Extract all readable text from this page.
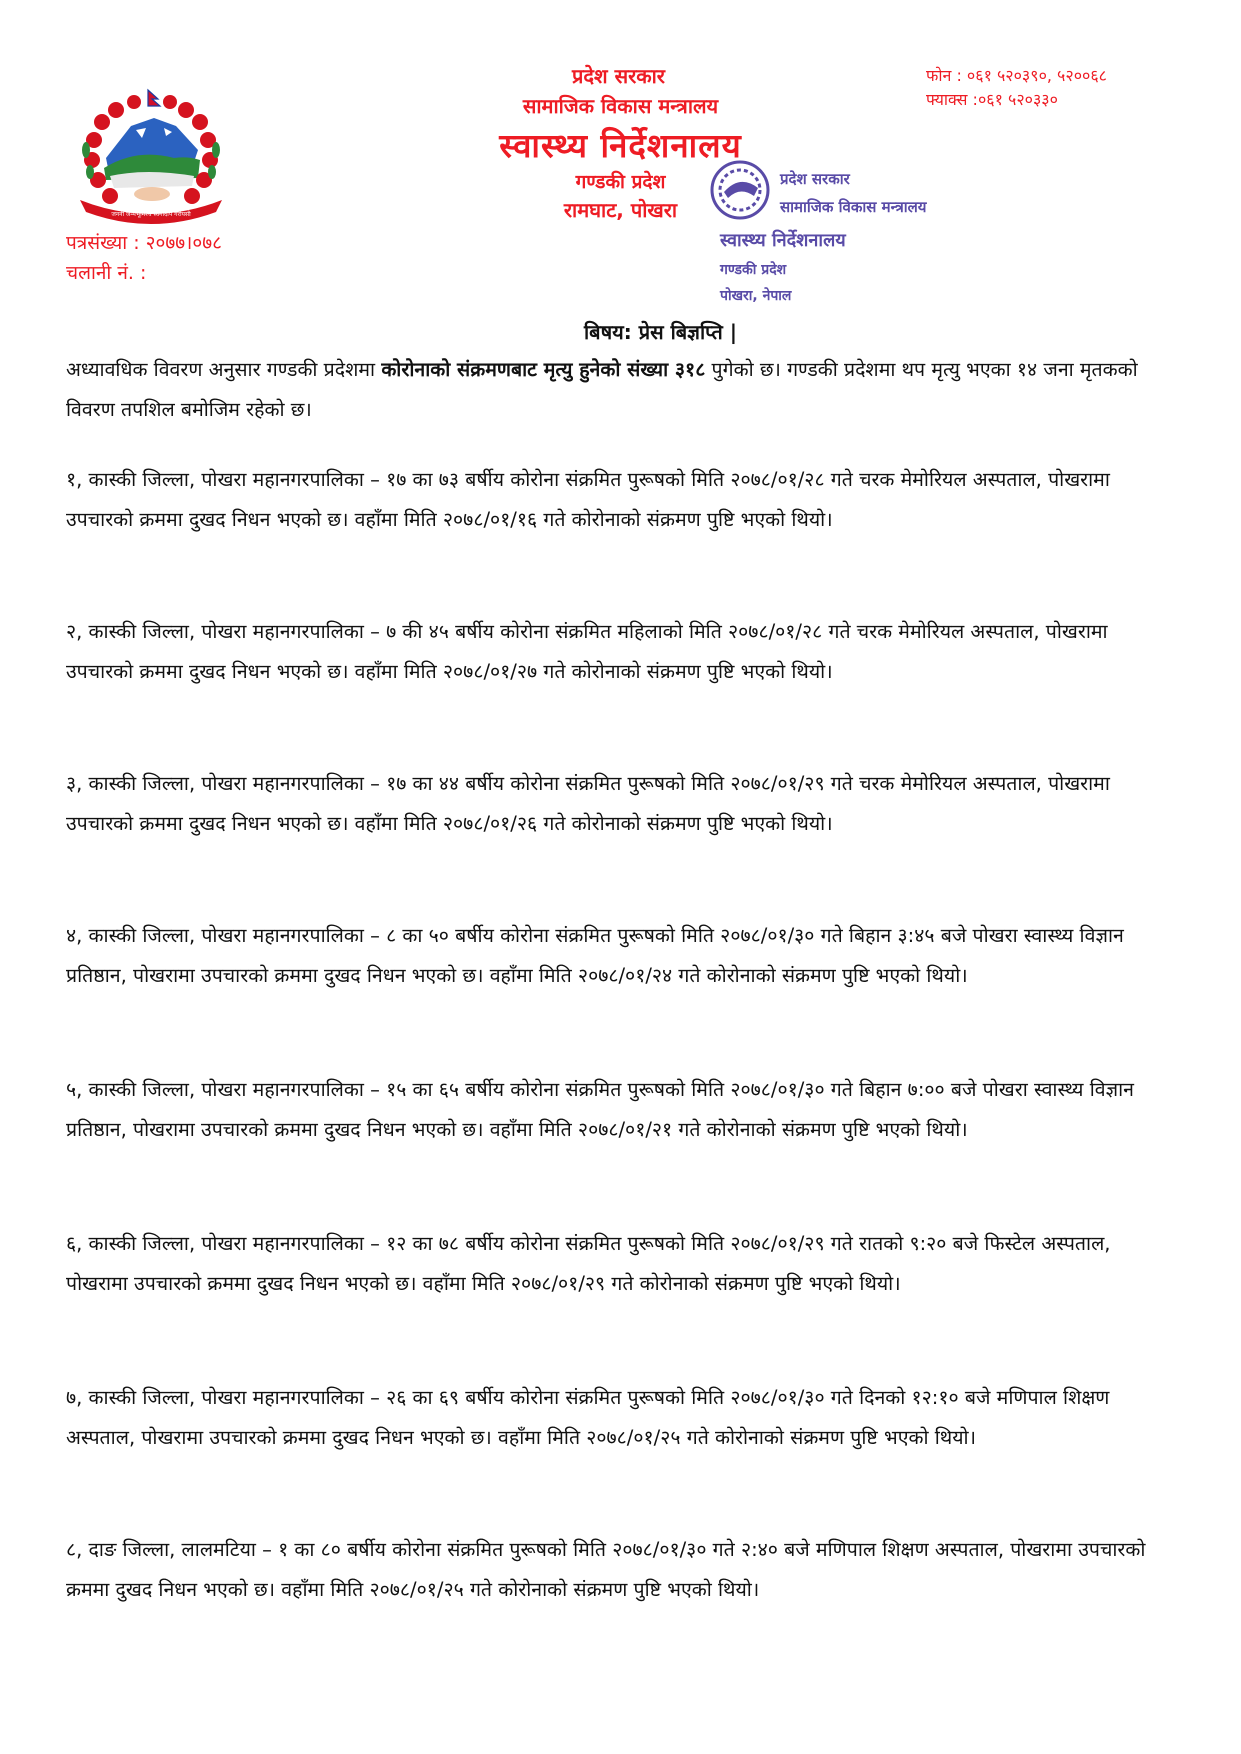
जननी जन्मभूमिश्च स्वर्गादपि गरीयसी
पत्रसंख्या : २०७७।०७८
चलानी नं. :
फोन : ०६१ ५२०३९०, ५२००६८
फ्याक्स :०६१ ५२०३३०
प्रदेश सरकार
सामाजिक विकास मन्त्रालय
स्वास्थ्य निर्देशनालय
गण्डकी प्रदेश
रामघाट, पोखरा
प्रदेश सरकार
सामाजिक विकास मन्त्रालय
स्वास्थ्य निर्देशनालय
गण्डकी प्रदेश
पोखरा, नेपाल
बिषय: प्रेस बिज्ञप्ति |
अध्यावधिक विवरण अनुसार गण्डकी प्रदेशमा कोरोनाको संक्रमणबाट मृत्यु हुनेको संख्या ३१८ पुगेको छ। गण्डकी प्रदेशमा थप मृत्यु भएका १४ जना मृतकको विवरण तपशिल बमोजिम रहेको छ।
१, कास्की जिल्ला, पोखरा महानगरपालिका – १७ का ७३ बर्षीय कोरोना संक्रमित पुरूषको मिति २०७८/०१/२८ गते चरक मेमोरियल अस्पताल, पोखरामा उपचारको क्रममा दुखद निधन भएको छ। वहाँमा मिति २०७८/०१/१६ गते कोरोनाको संक्रमण पुष्टि भएको थियो।
२, कास्की जिल्ला, पोखरा महानगरपालिका – ७ की ४५ बर्षीय कोरोना संक्रमित महिलाको मिति २०७८/०१/२८ गते चरक मेमोरियल अस्पताल, पोखरामा उपचारको क्रममा दुखद निधन भएको छ। वहाँमा मिति २०७८/०१/२७ गते कोरोनाको संक्रमण पुष्टि भएको थियो।
३, कास्की जिल्ला, पोखरा महानगरपालिका – १७ का ४४ बर्षीय कोरोना संक्रमित पुरूषको मिति २०७८/०१/२९ गते चरक मेमोरियल अस्पताल, पोखरामा उपचारको क्रममा दुखद निधन भएको छ। वहाँमा मिति २०७८/०१/२६ गते कोरोनाको संक्रमण पुष्टि भएको थियो।
४, कास्की जिल्ला, पोखरा महानगरपालिका – ८ का ५० बर्षीय कोरोना संक्रमित पुरूषको मिति २०७८/०१/३० गते बिहान ३:४५ बजे पोखरा स्वास्थ्य विज्ञान प्रतिष्ठान, पोखरामा उपचारको क्रममा दुखद निधन भएको छ। वहाँमा मिति २०७८/०१/२४ गते कोरोनाको संक्रमण पुष्टि भएको थियो।
५, कास्की जिल्ला, पोखरा महानगरपालिका – १५ का ६५ बर्षीय कोरोना संक्रमित पुरूषको मिति २०७८/०१/३० गते बिहान ७:०० बजे पोखरा स्वास्थ्य विज्ञान प्रतिष्ठान, पोखरामा उपचारको क्रममा दुखद निधन भएको छ। वहाँमा मिति २०७८/०१/२१ गते कोरोनाको संक्रमण पुष्टि भएको थियो।
६, कास्की जिल्ला, पोखरा महानगरपालिका – १२ का ७८ बर्षीय कोरोना संक्रमित पुरूषको मिति २०७८/०१/२९ गते रातको ९:२० बजे फिस्टेल अस्पताल, पोखरामा उपचारको क्रममा दुखद निधन भएको छ। वहाँमा मिति २०७८/०१/२९ गते कोरोनाको संक्रमण पुष्टि भएको थियो।
७, कास्की जिल्ला, पोखरा महानगरपालिका – २६ का ६९ बर्षीय कोरोना संक्रमित पुरूषको मिति २०७८/०१/३० गते दिनको १२:१० बजे मणिपाल शिक्षण अस्पताल, पोखरामा उपचारको क्रममा दुखद निधन भएको छ। वहाँमा मिति २०७८/०१/२५ गते कोरोनाको संक्रमण पुष्टि भएको थियो।
८, दाङ जिल्ला, लालमटिया – १ का ८० बर्षीय कोरोना संक्रमित पुरूषको मिति २०७८/०१/३० गते २:४० बजे मणिपाल शिक्षण अस्पताल, पोखरामा उपचारको क्रममा दुखद निधन भएको छ। वहाँमा मिति २०७८/०१/२५ गते कोरोनाको संक्रमण पुष्टि भएको थियो।
